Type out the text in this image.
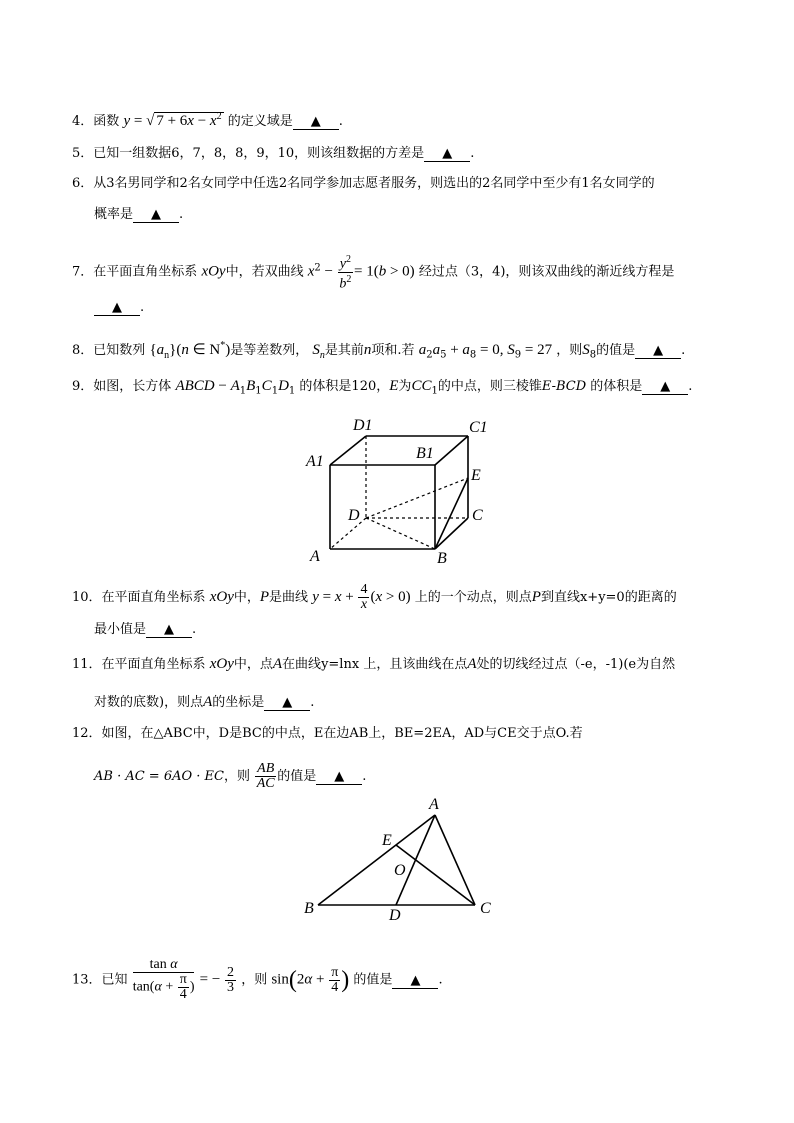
4．函数 y = √ $7 + 6x - x^2$ 的定义域是 ▲ .
5．已知一组数据6，7，8，8，9，10，则该组数据的方差是 ▲ .
6．从3名男同学和2名女同学中任选2名同学参加志愿者服务，则选出的2名同学中至少有1名女同学的
概率是 ▲ .
7．在平面直角坐标系 xOy中，若双曲线 $x^2 - \frac{y^2}{b^2} = 1(b > 0)$ 经过点（3，4)，则该双曲线的渐近线方程是
▲ .
8．已知数列 $\{a_n\}(n$ ∈ N*)是等差数列， $S_n$是其前n项和.若 $a_2a_5 + a_8 = 0$, $S_9 = 27$ ，则$S_8$的值是 ▲ .
9．如图，长方体 ABCD − $A_1B_1C_1D_1$ 的体积是120，E为$CC_1$的中点，则三棱锥E-BCD 的体积是 ▲ .
D1	C1
A1	B1
E
D	C
A	B
10．在平面直角坐标系 xOy中，P是曲线 $y = x + \frac{4}{x} (x > 0)$ 上的一个动点，则点P到直线x+y=0的距离的
最小值是 ▲ .
11．在平面直角坐标系 xOy中，点A在曲线y=lnx 上，且该曲线在点A处的切线经过点（-e，-1)(e为自然
对数的底数)，则点A的坐标是 ▲ .
12．如图，在△ABC中，D是BC的中点，E在边AB上，BE=2EA，AD与CE交于点O.若
AB · AC = 6AO · EC，则 $\frac{AB}{AC}$ 的值是 ▲ .
A
E
O
B	D	C
13．已知 $\frac{\text{tan α}}{\tan(\alpha + \frac{\pi}{4} )}$ = − $\frac{2}{3}$ ，则 $\sin(2\alpha + \frac{\pi}{4}$ ) 的值是 ▲ .
